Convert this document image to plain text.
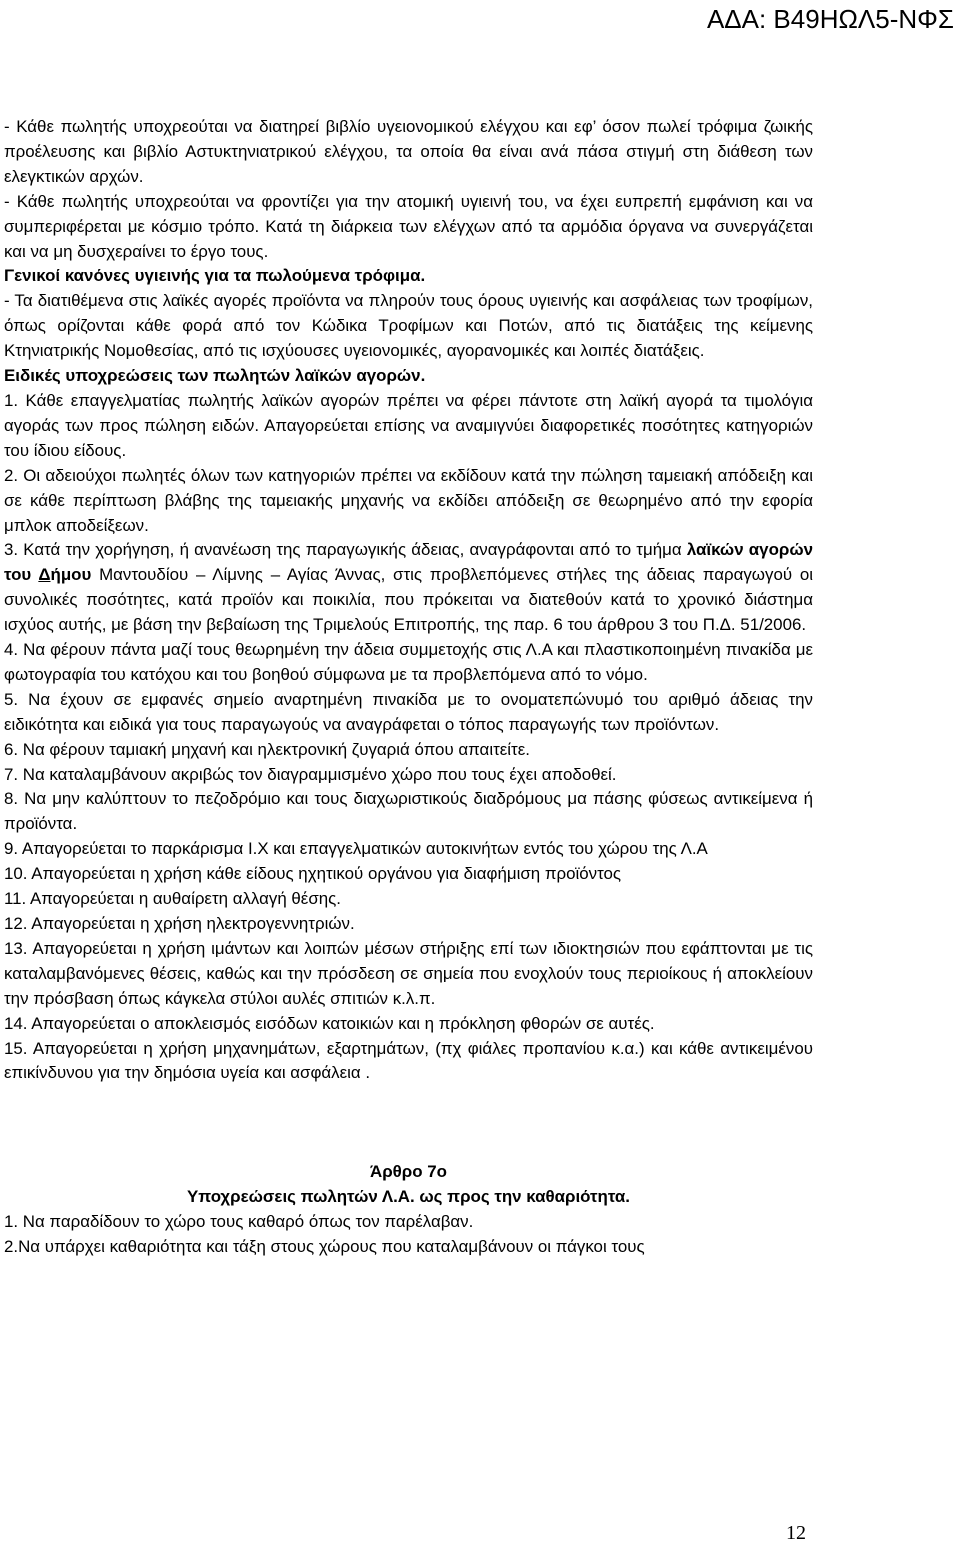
ΑΔΑ: Β49ΗΩΛ5-ΝΦΣ

- Κάθε πωλητής υποχρεούται να διατηρεί βιβλίο υγειονομικού ελέγχου και εφ’ όσον πωλεί τρόφιμα ζωικής προέλευσης και βιβλίο Αστυκτηνιατρικού ελέγχου, τα οποία θα είναι ανά πάσα στιγμή στη διάθεση των ελεγκτικών αρχών.

- Κάθε πωλητής υποχρεούται να φροντίζει για την ατομική υγιεινή του, να έχει ευπρεπή εμφάνιση και να συμπεριφέρεται με κόσμιο τρόπο. Κατά τη διάρκεια των ελέγχων από τα αρμόδια όργανα να συνεργάζεται και να μη δυσχεραίνει το έργο τους.

Γενικοί κανόνες υγιεινής για τα πωλούμενα τρόφιμα.

- Τα διατιθέμενα στις λαϊκές αγορές προϊόντα να πληρούν τους όρους υγιεινής και ασφάλειας των τροφίμων, όπως ορίζονται κάθε φορά από τον Κώδικα Τροφίμων και Ποτών, από τις διατάξεις της κείμενης Κτηνιατρικής Νομοθεσίας, από τις ισχύουσες υγειονομικές, αγορανομικές και λοιπές διατάξεις.

Ειδικές υποχρεώσεις των πωλητών λαϊκών αγορών.

1. Κάθε επαγγελματίας πωλητής λαϊκών αγορών πρέπει να φέρει πάντοτε στη λαϊκή αγορά τα τιμολόγια αγοράς των προς πώληση ειδών. Απαγορεύεται επίσης να αναμιγνύει διαφορετικές ποσότητες κατηγοριών του ίδιου είδους.

2. Οι αδειούχοι πωλητές όλων των κατηγοριών πρέπει να εκδίδουν κατά την πώληση ταμειακή απόδειξη και σε κάθε περίπτωση βλάβης της ταμειακής μηχανής να εκδίδει απόδειξη σε θεωρημένο από την εφορία μπλοκ αποδείξεων.

3. Κατά την χορήγηση, ή ανανέωση της παραγωγικής άδειας, αναγράφονται από το τμήμα λαϊκών αγορών του Δήμου Μαντουδίου – Λίμνης – Αγίας Άννας, στις προβλεπόμενες στήλες της άδειας παραγωγού οι συνολικές ποσότητες, κατά προϊόν και ποικιλία, που πρόκειται να διατεθούν κατά το χρονικό διάστημα ισχύος αυτής, με βάση την βεβαίωση της Τριμελούς Επιτροπής, της παρ. 6 του άρθρου 3 του Π.Δ. 51/2006.

4. Να φέρουν πάντα μαζί τους θεωρημένη την άδεια συμμετοχής στις Λ.Α και πλαστικοποιημένη πινακίδα με φωτογραφία του κατόχου και του βοηθού σύμφωνα με τα προβλεπόμενα από το νόμο.

5. Να έχουν σε εμφανές σημείο αναρτημένη πινακίδα με το ονοματεπώνυμό του αριθμό άδειας την ειδικότητα και ειδικά για τους παραγωγούς να αναγράφεται ο τόπος παραγωγής των προϊόντων.

6. Να φέρουν ταμιακή μηχανή και ηλεκτρονική ζυγαριά όπου απαιτείτε.

7. Να καταλαμβάνουν ακριβώς τον διαγραμμισμένο χώρο που τους έχει αποδοθεί.

8. Να μην καλύπτουν το πεζοδρόμιο και τους διαχωριστικούς διαδρόμους μα πάσης φύσεως αντικείμενα ή προϊόντα.

9. Απαγορεύεται το παρκάρισμα Ι.Χ και επαγγελματικών αυτοκινήτων εντός του χώρου της Λ.Α

10. Απαγορεύεται η χρήση κάθε είδους ηχητικού οργάνου για διαφήμιση προϊόντος

11. Απαγορεύεται η αυθαίρετη αλλαγή θέσης.

12. Απαγορεύεται η χρήση ηλεκτρογεννητριών.

13. Απαγορεύεται η χρήση ιμάντων και λοιπών μέσων στήριξης επί των ιδιοκτησιών που εφάπτονται με τις καταλαμβανόμενες θέσεις, καθώς και την πρόσδεση σε σημεία που ενοχλούν τους περιοίκους ή αποκλείουν την πρόσβαση όπως κάγκελα στύλοι αυλές σπιτιών κ.λ.π.

14. Απαγορεύεται ο αποκλεισμός εισόδων κατοικιών και η πρόκληση φθορών σε αυτές.

15. Απαγορεύεται η χρήση μηχανημάτων, εξαρτημάτων, (πχ φιάλες προπανίου κ.α.) και κάθε αντικειμένου επικίνδυνου για την δημόσια υγεία και ασφάλεια .

Άρθρο 7ο

Υποχρεώσεις πωλητών Λ.Α. ως προς την καθαριότητα.

1. Να παραδίδουν το χώρο τους καθαρό όπως τον παρέλαβαν.

2.Να υπάρχει καθαριότητα και τάξη στους χώρους που καταλαμβάνουν οι πάγκοι τους

12
